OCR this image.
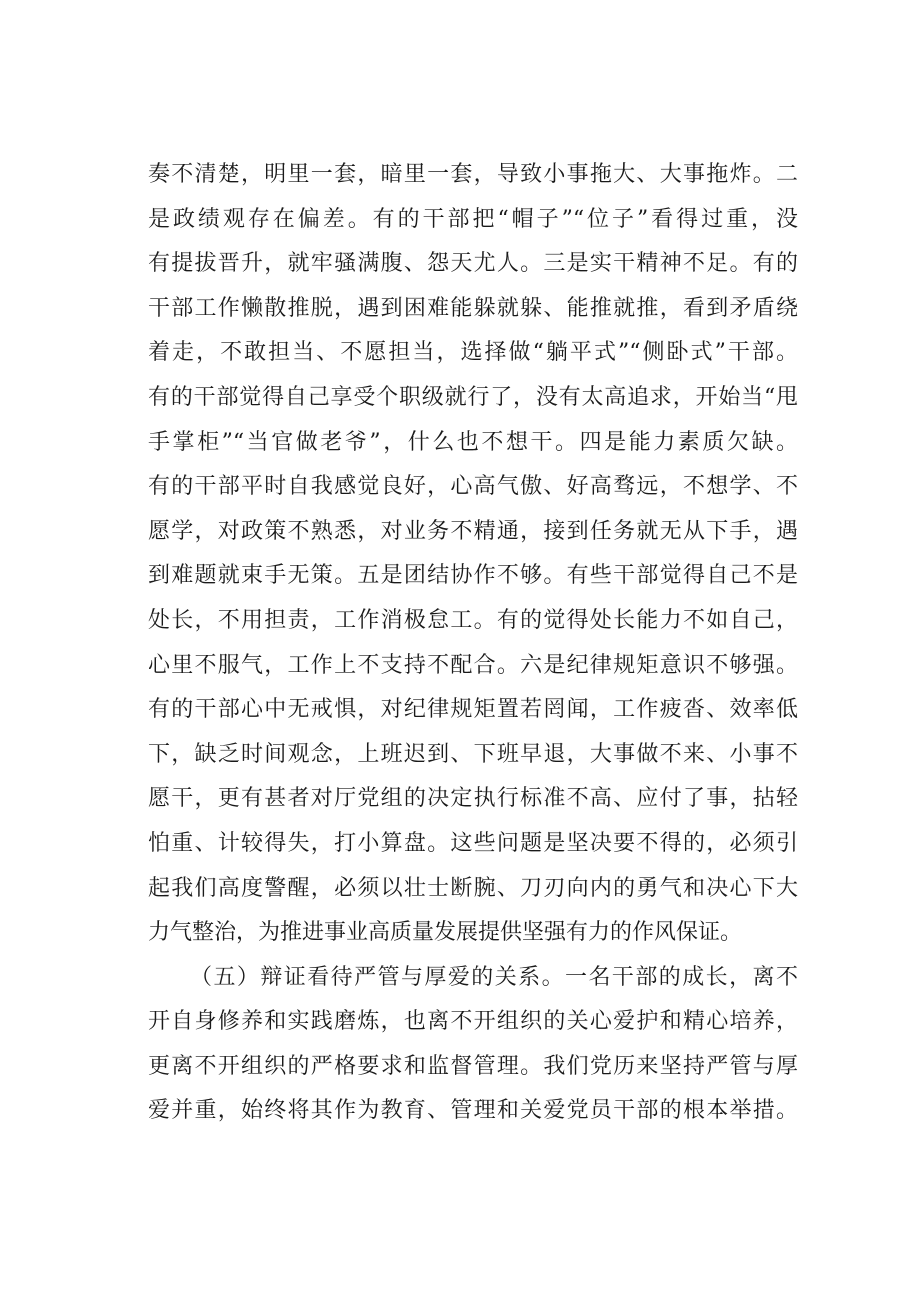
奏不清楚，明里一套，暗里一套，导致小事拖大、大事拖炸。二
是政绩观存在偏差。有的干部把“帽子”“位子”看得过重，没
有提拔晋升，就牢骚满腹、怨天尤人。三是实干精神不足。有的
干部工作懒散推脱，遇到困难能躲就躲、能推就推，看到矛盾绕
着走，不敢担当、不愿担当，选择做“躺平式”“侧卧式”干部。
有的干部觉得自己享受个职级就行了，没有太高追求，开始当“甩
手掌柜”“当官做老爷”，什么也不想干。四是能力素质欠缺。
有的干部平时自我感觉良好，心高气傲、好高骛远，不想学、不
愿学，对政策不熟悉，对业务不精通，接到任务就无从下手，遇
到难题就束手无策。五是团结协作不够。有些干部觉得自己不是
处长，不用担责，工作消极怠工。有的觉得处长能力不如自己，
心里不服气，工作上不支持不配合。六是纪律规矩意识不够强。
有的干部心中无戒惧，对纪律规矩置若罔闻，工作疲沓、效率低
下，缺乏时间观念，上班迟到、下班早退，大事做不来、小事不
愿干，更有甚者对厅党组的决定执行标准不高、应付了事，拈轻
怕重、计较得失，打小算盘。这些问题是坚决要不得的，必须引
起我们高度警醒，必须以壮士断腕、刀刃向内的勇气和决心下大
力气整治，为推进事业高质量发展提供坚强有力的作风保证。
（五）辩证看待严管与厚爱的关系。一名干部的成长，离不
开自身修养和实践磨炼，也离不开组织的关心爱护和精心培养，
更离不开组织的严格要求和监督管理。我们党历来坚持严管与厚
爱并重，始终将其作为教育、管理和关爱党员干部的根本举措。
